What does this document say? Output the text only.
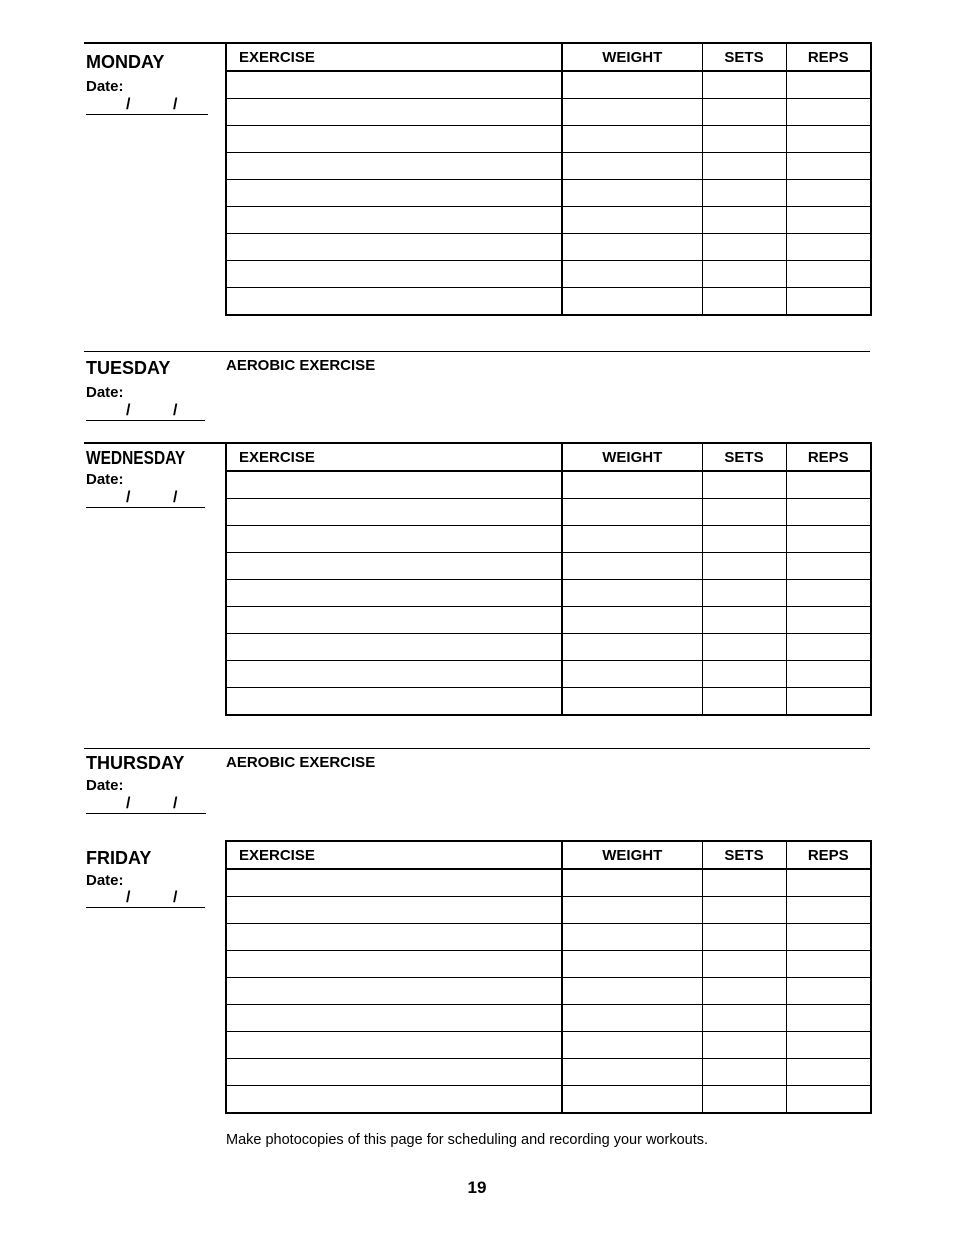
MONDAY
Date:
/	/
EXERCISE	WEIGHT	SETS	REPS

TUESDAY	AEROBIC EXERCISE
Date:
/	/
WEDNESDAY
Date:
/	/
EXERCISE	WEIGHT	SETS	REPS

THURSDAY	AEROBIC EXERCISE
Date:
/	/
FRIDAY
Date:
/	/
EXERCISE	WEIGHT	SETS	REPS

Make photocopies of this page for scheduling and recording your workouts.
19
